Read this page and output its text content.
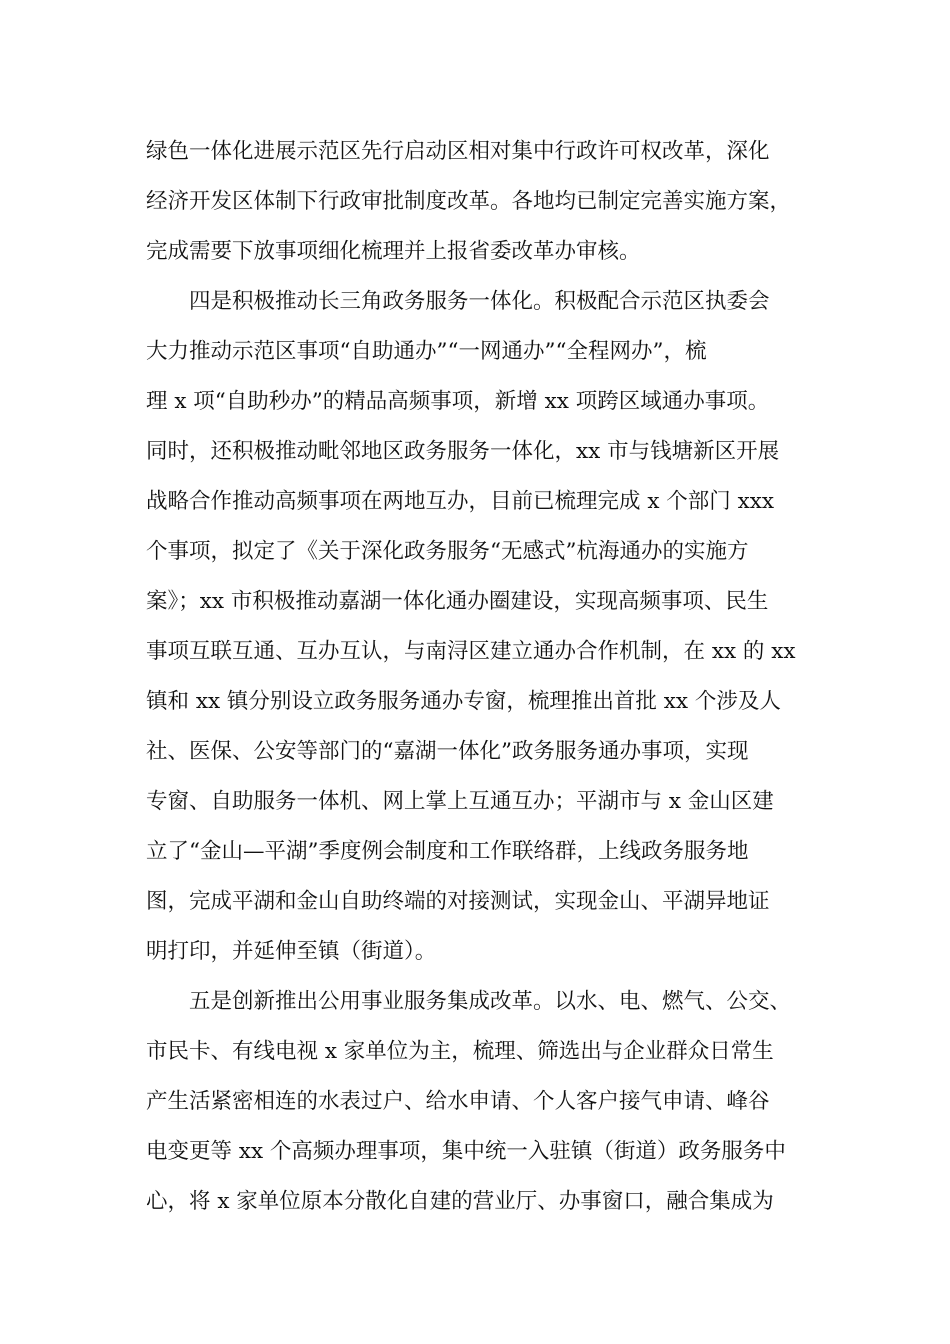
绿色一体化进展示范区先行启动区相对集中行政许可权改革，深化
经济开发区体制下行政审批制度改革。各地均已制定完善实施方案，
完成需要下放事项细化梳理并上报省委改革办审核。
四是积极推动长三角政务服务一体化。积极配合示范区执委会
大力推动示范区事项“自助通办”“一网通办”“全程网办”，梳
理 x 项“自助秒办”的精品高频事项，新增 xx 项跨区域通办事项。
同时，还积极推动毗邻地区政务服务一体化，xx 市与钱塘新区开展
战略合作推动高频事项在两地互办，目前已梳理完成 x 个部门 xxx
个事项，拟定了《关于深化政务服务“无感式”杭海通办的实施方
案》；xx 市积极推动嘉湖一体化通办圈建设，实现高频事项、民生
事项互联互通、互办互认，与南浔区建立通办合作机制，在 xx 的 xx
镇和 xx 镇分别设立政务服务通办专窗，梳理推出首批 xx 个涉及人
社、医保、公安等部门的“嘉湖一体化”政务服务通办事项，实现
专窗、自助服务一体机、网上掌上互通互办；平湖市与 x 金山区建
立了“金山—平湖”季度例会制度和工作联络群，上线政务服务地
图，完成平湖和金山自助终端的对接测试，实现金山、平湖异地证
明打印，并延伸至镇（街道）。
五是创新推出公用事业服务集成改革。以水、电、燃气、公交、
市民卡、有线电视 x 家单位为主，梳理、筛选出与企业群众日常生
产生活紧密相连的水表过户、给水申请、个人客户接气申请、峰谷
电变更等 xx 个高频办理事项，集中统一入驻镇（街道）政务服务中
心，将 x 家单位原本分散化自建的营业厅、办事窗口，融合集成为
